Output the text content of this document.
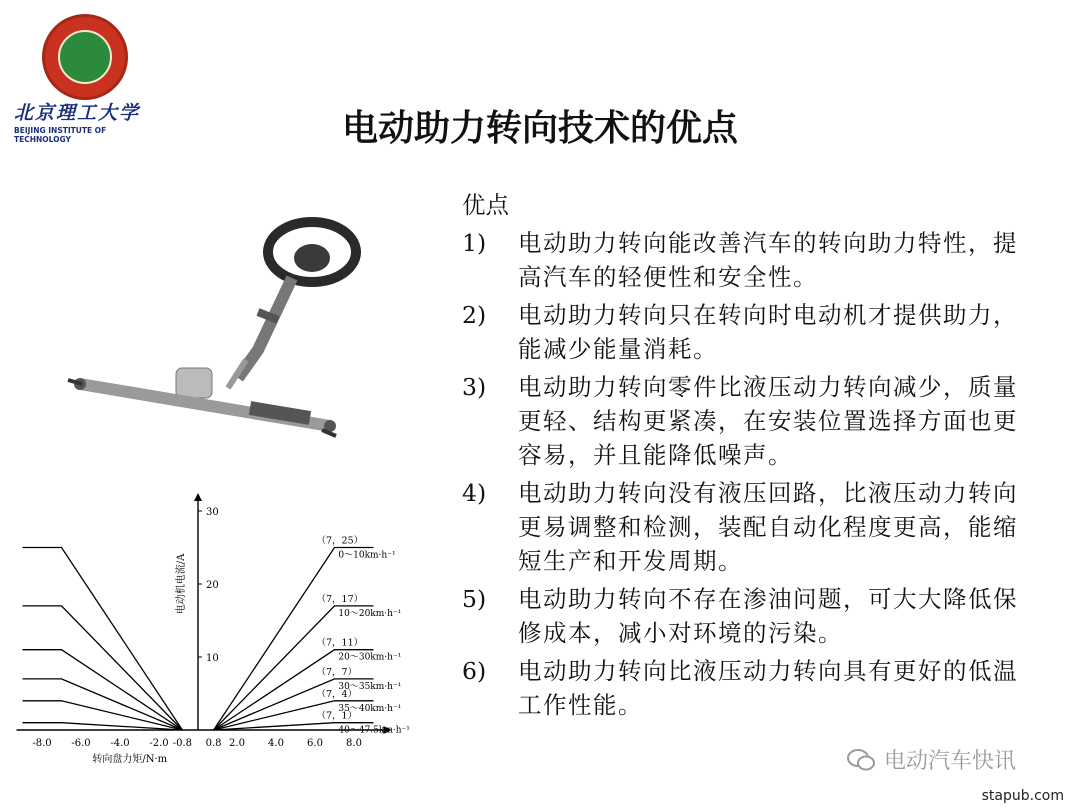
北京理工大学
BEIJING INSTITUTE OF TECHNOLOGY	电动助力转向技术的优点
-8.0 -6.0 -4.0 -2.0 -0.8 0.8 2.0 4.0 6.0 8.0
10
20
30
转向盘力矩/N·m
电动机电流/A
（7，25）
0～10km·h⁻¹
（7，17）
10～20km·h⁻¹
（7，11）
20～30km·h⁻¹
（7，7）
30～35km·h⁻¹
（7，4）
35～40km·h⁻¹
（7，1）
40～47.5km·h⁻¹
优点
1)	电动助力转向能改善汽车的转向助力特性，提高汽车的轻便性和安全性。
2)	电动助力转向只在转向时电动机才提供助力，能减少能量消耗。
3)	电动助力转向零件比液压动力转向减少，质量更轻、结构更紧凑，在安装位置选择方面也更容易，并且能降低噪声。
4)	电动助力转向没有液压回路，比液压动力转向更易调整和检测，装配自动化程度更高，能缩短生产和开发周期。
5)	电动助力转向不存在渗油问题，可大大降低保修成本，减小对环境的污染。
6)	电动助力转向比液压动力转向具有更好的低温工作性能。
电动汽车快讯
stapub.com
